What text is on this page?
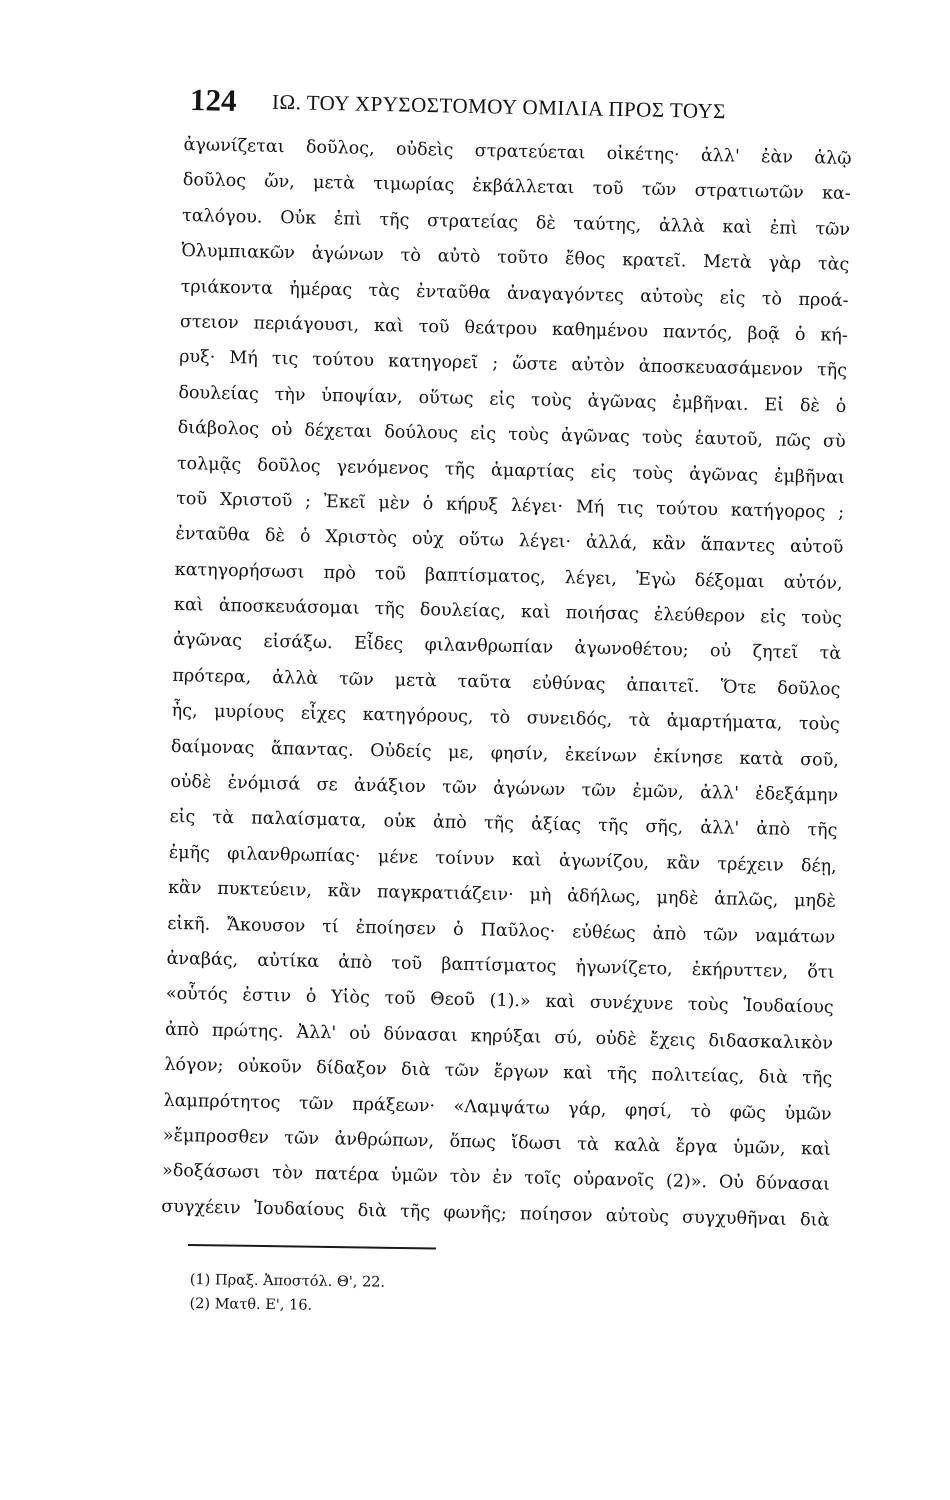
124 ΙΩ. ΤΟΥ ΧΡΥΣΟΣΤΟΜΟΥ ΟΜΙΛΙΑ ΠΡΟΣ ΤΟΥΣ
ἀγωνίζεται δοῦλος, οὐδεὶς στρατεύεται οἰκέτης· ἀλλ' ἐὰν ἁλῷ
δοῦλος ὤν, μετὰ τιμωρίας ἐκβάλλεται τοῦ τῶν στρατιωτῶν κα-
ταλόγου. Οὐκ ἐπὶ τῆς στρατείας δὲ ταύτης, ἀλλὰ καὶ ἐπὶ τῶν
Ὀλυμπιακῶν ἀγώνων τὸ αὐτὸ τοῦτο ἔθος κρατεῖ. Μετὰ γὰρ τὰς
τριάκοντα ἡμέρας τὰς ἐνταῦθα ἀναγαγόντες αὐτοὺς εἰς τὸ προά-
στειον περιάγουσι, καὶ τοῦ θεάτρου καθημένου παντός, βοᾷ ὁ κή-
ρυξ· Μή τις τούτου κατηγορεῖ ; ὥστε αὐτὸν ἀποσκευασάμενον τῆς
δουλείας τὴν ὑποψίαν, οὕτως εἰς τοὺς ἀγῶνας ἐμβῆναι. Εἰ δὲ ὁ
διάβολος οὐ δέχεται δούλους εἰς τοὺς ἀγῶνας τοὺς ἑαυτοῦ, πῶς σὺ
τολμᾷς δοῦλος γενόμενος τῆς ἁμαρτίας εἰς τοὺς ἀγῶνας ἐμβῆναι
τοῦ Χριστοῦ ; Ἐκεῖ μὲν ὁ κήρυξ λέγει· Μή τις τούτου κατήγορος ;
ἐνταῦθα δὲ ὁ Χριστὸς οὐχ οὕτω λέγει· ἀλλά, κἂν ἅπαντες αὐτοῦ
κατηγορήσωσι πρὸ τοῦ βαπτίσματος, λέγει, Ἐγὼ δέξομαι αὐτόν,
καὶ ἀποσκευάσομαι τῆς δουλείας, καὶ ποιήσας ἐλεύθερον εἰς τοὺς
ἀγῶνας εἰσάξω. Εἶδες φιλανθρωπίαν ἀγωνοθέτου; οὐ ζητεῖ τὰ
πρότερα, ἀλλὰ τῶν μετὰ ταῦτα εὐθύνας ἀπαιτεῖ. Ὅτε δοῦλος
ἦς, μυρίους εἶχες κατηγόρους, τὸ συνειδός, τὰ ἁμαρτήματα, τοὺς
δαίμονας ἅπαντας. Οὐδείς με, φησίν, ἐκείνων ἐκίνησε κατὰ σοῦ,
οὐδὲ ἐνόμισά σε ἀνάξιον τῶν ἀγώνων τῶν ἐμῶν, ἀλλ' ἐδεξάμην
εἰς τὰ παλαίσματα, οὐκ ἀπὸ τῆς ἀξίας τῆς σῆς, ἀλλ' ἀπὸ τῆς
ἐμῆς φιλανθρωπίας· μένε τοίνυν καὶ ἀγωνίζου, κἂν τρέχειν δέῃ,
κἂν πυκτεύειν, κἂν παγκρατιάζειν· μὴ ἀδήλως, μηδὲ ἁπλῶς, μηδὲ
εἰκῆ. Ἄκουσον τί ἐποίησεν ὁ Παῦλος· εὐθέως ἀπὸ τῶν ναμάτων
ἀναβάς, αὐτίκα ἀπὸ τοῦ βαπτίσματος ἠγωνίζετο, ἐκήρυττεν, ὅτι
«οὗτός ἐστιν ὁ Υἱὸς τοῦ Θεοῦ (1).» καὶ συνέχυνε τοὺς Ἰουδαίους
ἀπὸ πρώτης. Ἀλλ' οὐ δύνασαι κηρύξαι σύ, οὐδὲ ἔχεις διδασκαλικὸν
λόγον; οὐκοῦν δίδαξον διὰ τῶν ἔργων καὶ τῆς πολιτείας, διὰ τῆς
λαμπρότητος τῶν πράξεων· «Λαμψάτω γάρ, φησί, τὸ φῶς ὑμῶν
»ἔμπροσθεν τῶν ἀνθρώπων, ὅπως ἴδωσι τὰ καλὰ ἔργα ὑμῶν, καὶ
»δοξάσωσι τὸν πατέρα ὑμῶν τὸν ἐν τοῖς οὐρανοῖς (2)». Οὐ δύνασαι
συγχέειν Ἰουδαίους διὰ τῆς φωνῆς; ποίησον αὐτοὺς συγχυθῆναι διὰ
(1) Πραξ. Ἀποστόλ. Θ', 22.
(2) Ματθ. Ε', 16.
